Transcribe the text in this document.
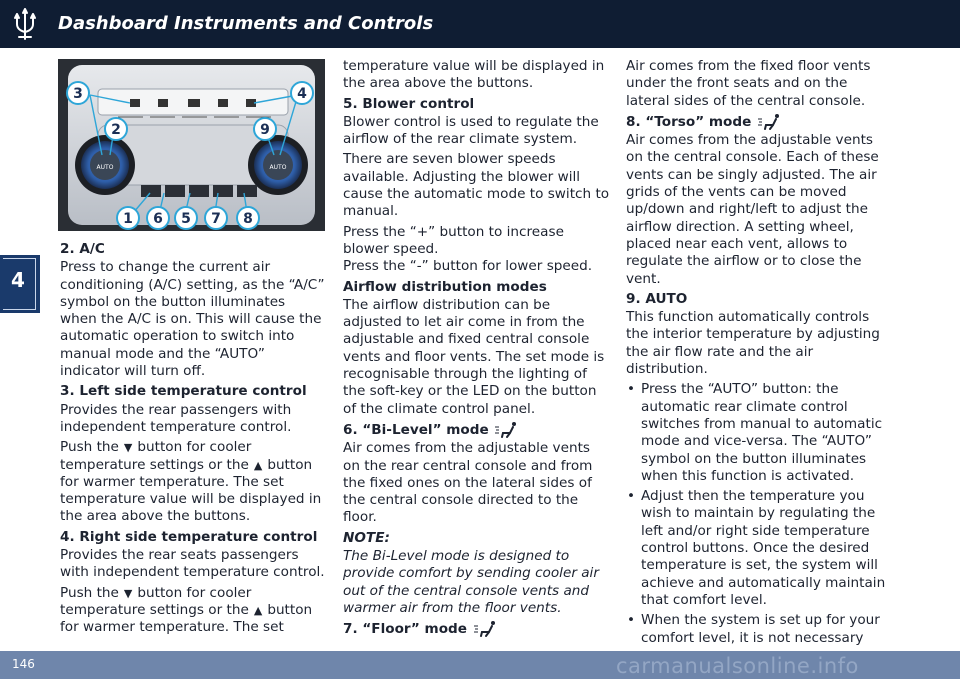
Dashboard Instruments and Controls
4
AUTO	AUTO
3
2
4
9
1 6 5 7 8

2. A/C

Press to change the current air conditioning (A/C) setting, as the “A/C” symbol on the button illuminates when the A/C is on. This will cause the automatic operation to switch into manual mode and the “AUTO” indicator will turn off.

3. Left side temperature control

Provides the rear passengers with independent temperature control.

Push the ▼ button for cooler

temperature settings or the ▲ button for warmer temperature. The set temperature value will be displayed in the area above the buttons.

4. Right side temperature control

Provides the rear seats passengers with independent temperature control.

Push the ▼ button for cooler

temperature settings or the ▲ button for warmer temperature. The set

temperature value will be displayed in the area above the buttons.

5. Blower control

Blower control is used to regulate the airflow of the rear climate system.

There are seven blower speeds available. Adjusting the blower will cause the automatic mode to switch to manual.

Press the “+” button to increase blower speed.

Press the “-” button for lower speed.

Airflow distribution modes

The airflow distribution can be adjusted to let air come in from the adjustable and fixed central console vents and floor vents. The set mode is recognisable through the lighting of the soft-key or the LED on the button of the climate control panel.

6. “Bi-Level” mode

Air comes from the adjustable vents on the rear central console and from the fixed ones on the lateral sides of the central console directed to the floor.

NOTE:

The Bi-Level mode is designed to provide comfort by sending cooler air out of the central console vents and warmer air from the floor vents.

7. “Floor” mode

Air comes from the fixed floor vents under the front seats and on the lateral sides of the central console.

8. “Torso” mode

Air comes from the adjustable vents on the central console. Each of these vents can be singly adjusted. The air grids of the vents can be moved up/down and right/left to adjust the airflow direction. A setting wheel, placed near each vent, allows to regulate the airflow or to close the vent.

9. AUTO

This function automatically controls the interior temperature by adjusting the air flow rate and the air distribution.

• Press the “AUTO” button: the automatic rear climate control switches from manual to automatic mode and vice-versa. The “AUTO” symbol on the button illuminates when this function is activated.

• Adjust then the temperature you wish to maintain by regulating the left and/or right side temperature control buttons. Once the desired temperature is set, the system will achieve and automatically maintain that comfort level.

• When the system is set up for your comfort level, it is not necessary

146	carmanualsonline.info
